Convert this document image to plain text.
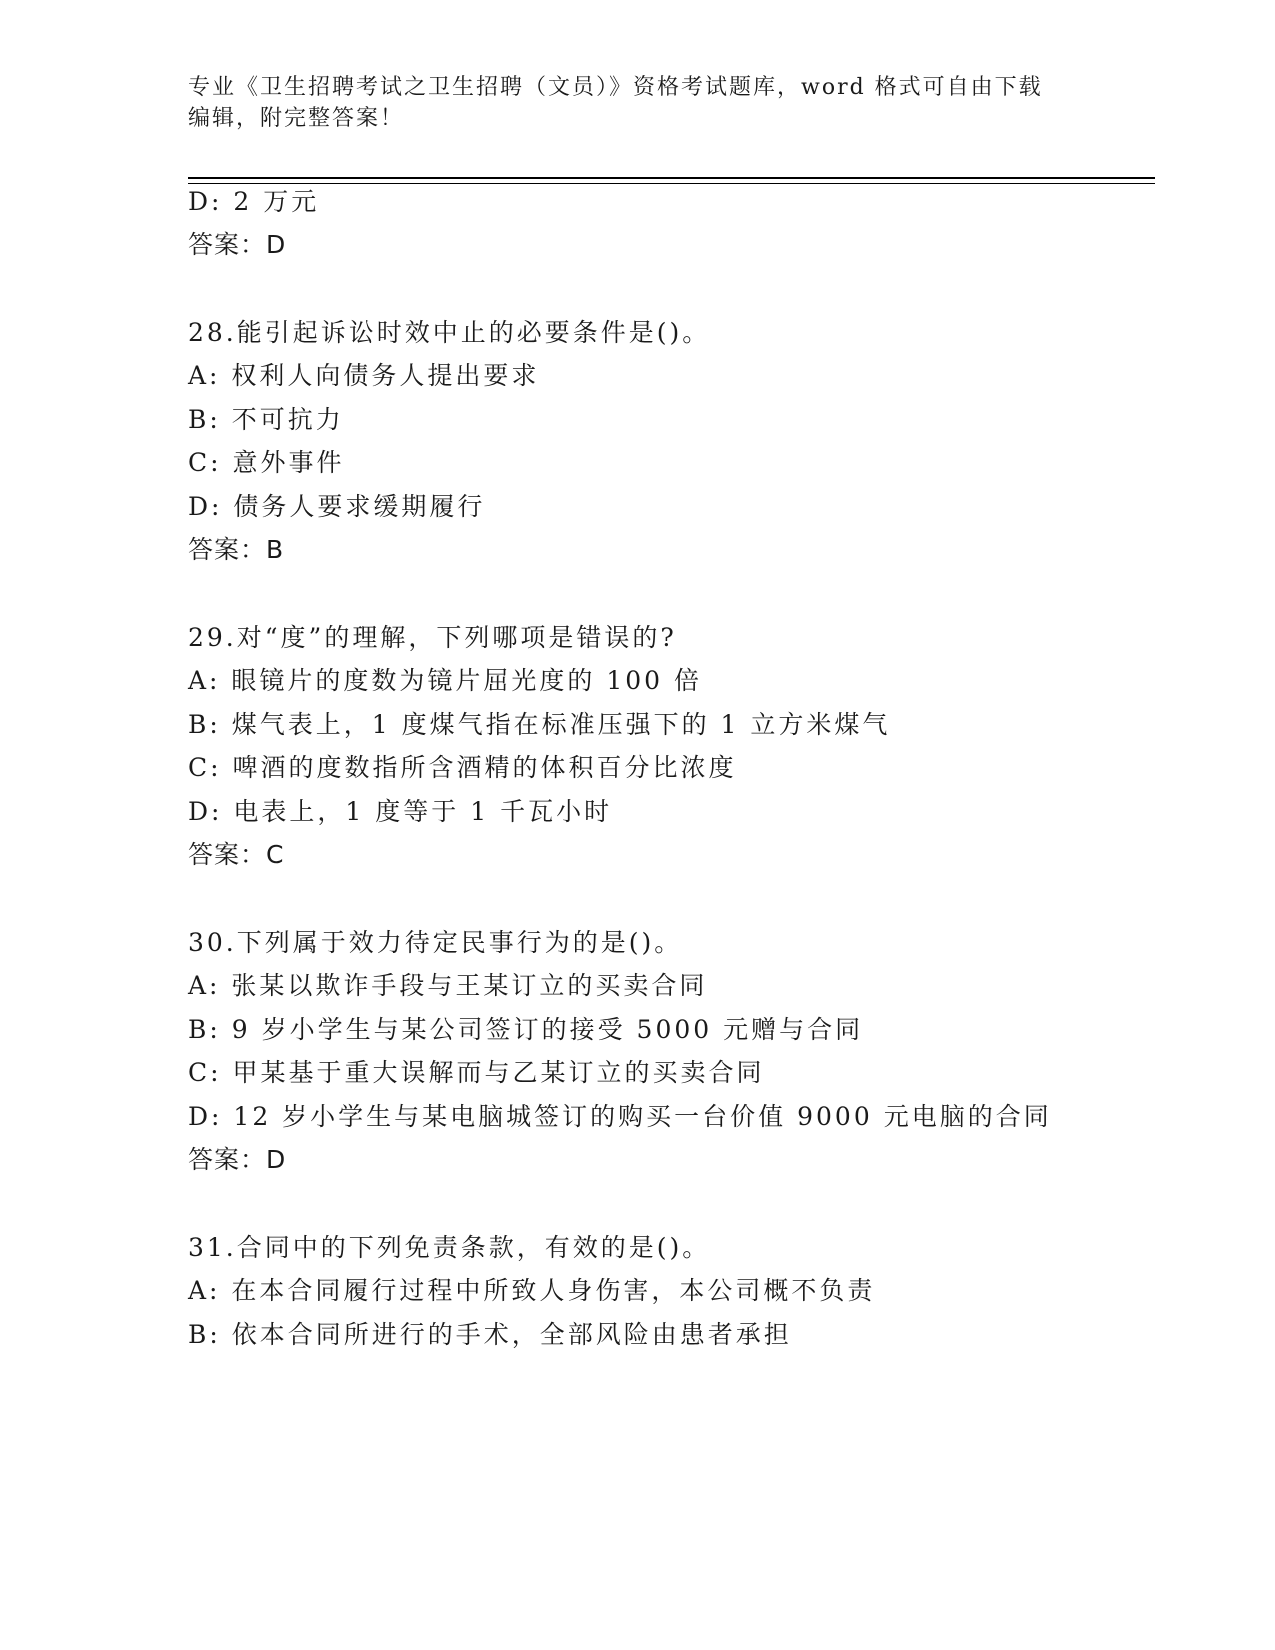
专业《卫生招聘考试之卫生招聘（文员）》资格考试题库，word 格式可自由下载
编辑，附完整答案！
D: 2 万元
答案：D
28.能引起诉讼时效中止的必要条件是()。
A: 权利人向债务人提出要求
B: 不可抗力
C: 意外事件
D: 债务人要求缓期履行
答案：B
29.对“度”的理解，下列哪项是错误的?
A: 眼镜片的度数为镜片屈光度的 100 倍
B: 煤气表上，1 度煤气指在标准压强下的 1 立方米煤气
C: 啤酒的度数指所含酒精的体积百分比浓度
D: 电表上，1 度等于 1 千瓦小时
答案：C
30.下列属于效力待定民事行为的是()。
A: 张某以欺诈手段与王某订立的买卖合同
B: 9 岁小学生与某公司签订的接受 5000 元赠与合同
C: 甲某基于重大误解而与乙某订立的买卖合同
D: 12 岁小学生与某电脑城签订的购买一台价值 9000 元电脑的合同
答案：D
31.合同中的下列免责条款，有效的是()。
A: 在本合同履行过程中所致人身伤害，本公司概不负责
B: 依本合同所进行的手术，全部风险由患者承担
